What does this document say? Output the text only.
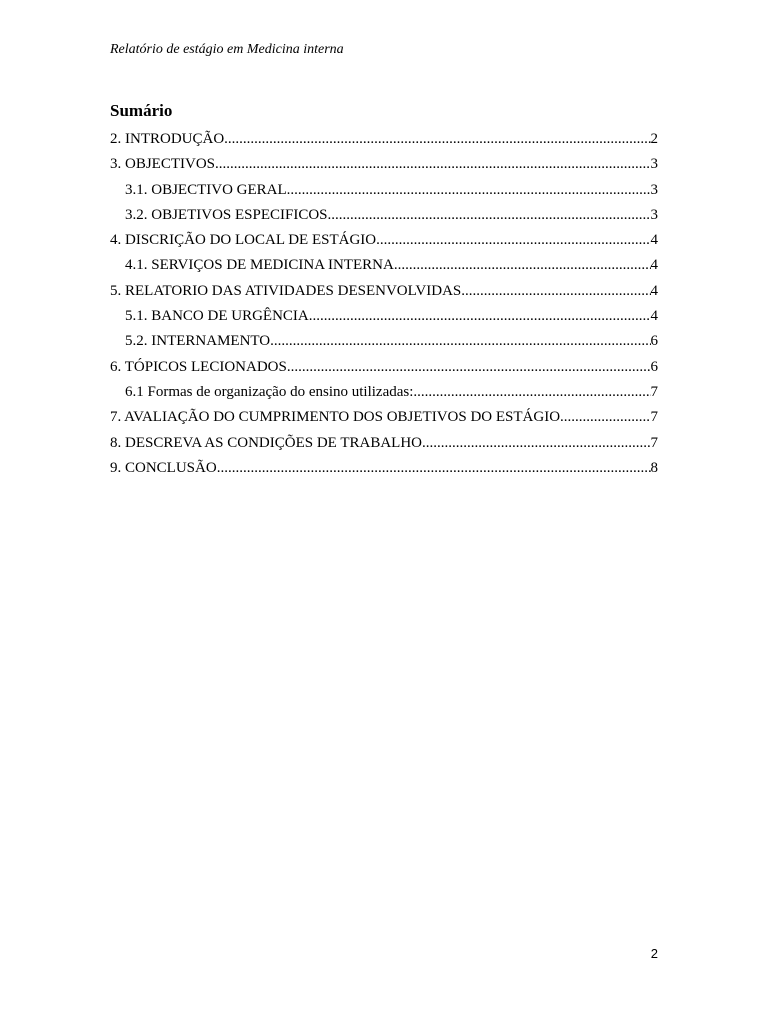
Relatório de estágio em Medicina interna
Sumário
2. INTRODUÇÃO .....	2
3. OBJECTIVOS .....	3
3.1. OBJECTIVO GERAL .....	3
3.2. OBJETIVOS ESPECIFICOS .....	3
4. DISCRIÇÃO DO LOCAL DE ESTÁGIO .....	4
4.1. SERVIÇOS DE MEDICINA INTERNA .....	4
5. RELATORIO DAS ATIVIDADES DESENVOLVIDAS .....	4
5.1. BANCO DE URGÊNCIA .....	4
5.2. INTERNAMENTO .....	6
6. TÓPICOS LECIONADOS .....	6
6.1 Formas de organização do ensino utilizadas: .....	7
7. AVALIAÇÃO DO CUMPRIMENTO DOS OBJETIVOS DO ESTÁGIO .....	7
8. DESCREVA AS CONDIÇÕES DE TRABALHO .....	7
9. CONCLUSÃO .....	8
2
